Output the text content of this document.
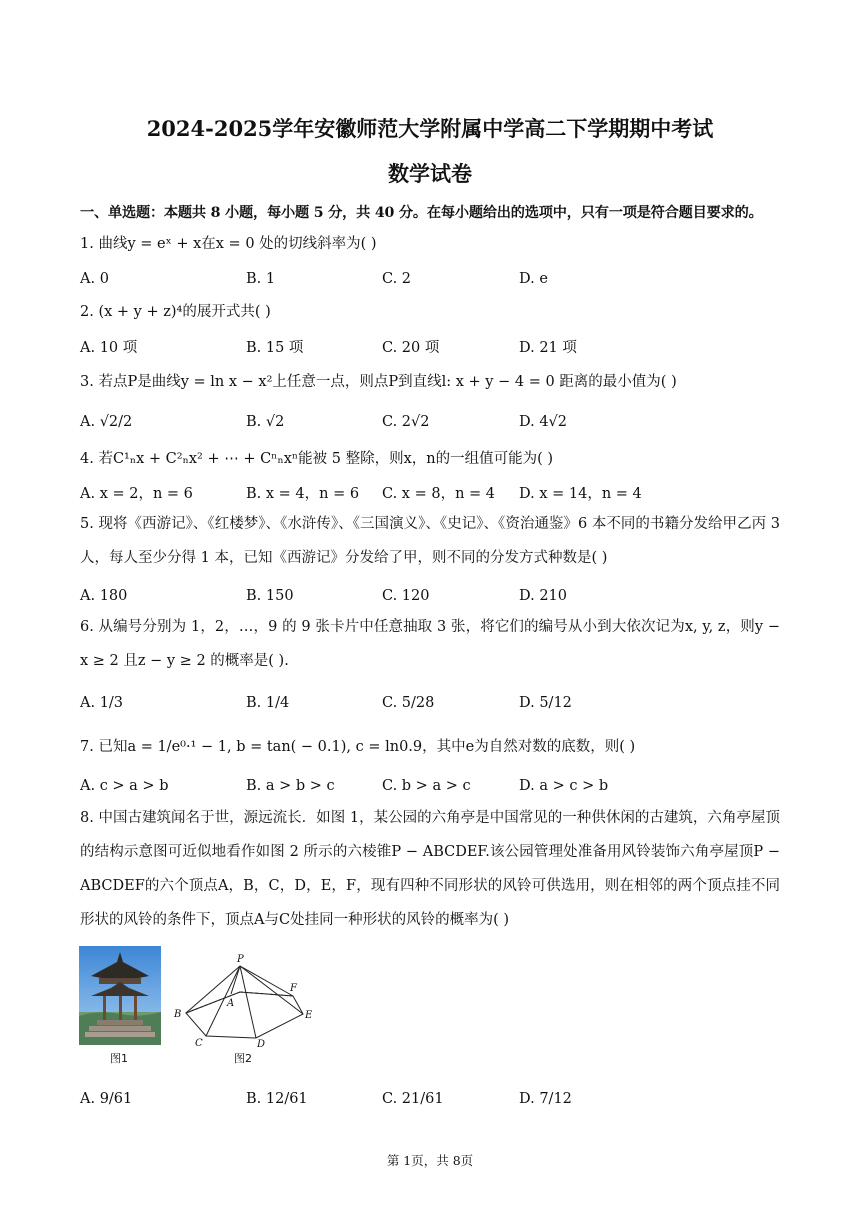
2024-2025学年安徽师范大学附属中学高二下学期期中考试
数学试卷
一、单选题：本题共 8 小题，每小题 5 分，共 40 分。在每小题给出的选项中，只有一项是符合题目要求的。
1. 曲线y = eˣ + x在x = 0 处的切线斜率为( )
A. 0	B. 1	C. 2	D. e
2. (x + y + z)⁴的展开式共( )
A. 10 项	B. 15 项	C. 20 项	D. 21 项
3. 若点P是曲线y = ln x − x²上任意一点，则点P到直线l: x + y − 4 = 0 距离的最小值为( )
A. √2/2	B. √2	C. 2√2	D. 4√2
4. 若C¹ₙx + C²ₙx² + ⋯ + Cⁿₙxⁿ能被 5 整除，则x，n的一组值可能为( )
A. x = 2，n = 6	B. x = 4，n = 6 C. x = 8，n = 4 D. x = 14，n = 4
5. 现将《西游记》、《红楼梦》、《水浒传》、《三国演义》、《史记》、《资治通鉴》6 本不同的书籍分发给甲乙丙 3 人，每人至少分得 1 本，已知《西游记》分发给了甲，则不同的分发方式种数是( )
A. 180	B. 150	C. 120	D. 210
6. 从编号分别为 1，2，…，9 的 9 张卡片中任意抽取 3 张，将它们的编号从小到大依次记为x, y, z，则y − x ≥ 2 且z − y ≥ 2 的概率是( ).
A. 1/3	B. 1/4	C. 5/28	D. 5/12
7. 已知a = 1/e⁰·¹ − 1, b = tan( − 0.1), c = ln0.9，其中e为自然对数的底数，则( )
A. c > a > b	B. a > b > c	C. b > a > c	D. a > c > b
8. 中国古建筑闻名于世，源远流长．如图 1，某公园的六角亭是中国常见的一种供休闲的古建筑，六角亭屋顶的结构示意图可近似地看作如图 2 所示的六棱锥P − ABCDEF.该公园管理处准备用风铃装饰六角亭屋顶P − ABCDEF的六个顶点A，B，C，D，E，F，现有四种不同形状的风铃可供选用，则在相邻的两个顶点挂不同形状的风铃的条件下，顶点A与C处挂同一种形状的风铃的概率为( )
图1
P
A
B
C	D
E
F
图2
A. 9/61	B. 12/61	C. 21/61	D. 7/12
第 1页，共 8页
